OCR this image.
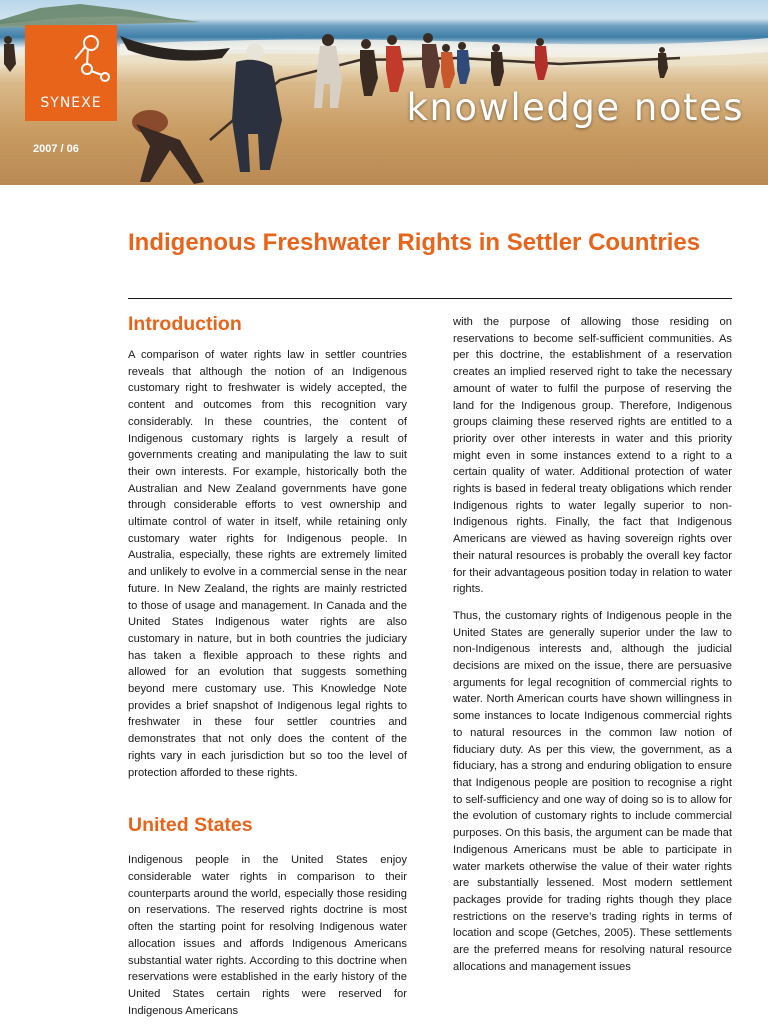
SYNEXE
2007 / 06
knowledge notes
Indigenous Freshwater Rights in Settler Countries
Introduction

A comparison of water rights law in settler countries reveals that although the notion of an Indigenous customary right to freshwater is widely accepted, the content and outcomes from this recognition vary considerably. In these countries, the content of Indigenous customary rights is largely a result of governments creating and manipulating the law to suit their own interests. For example, historically both the Australian and New Zealand governments have gone through considerable efforts to vest ownership and ultimate control of water in itself, while retaining only customary water rights for Indigenous people. In Australia, especially, these rights are extremely limited and unlikely to evolve in a commercial sense in the near future. In New Zealand, the rights are mainly restricted to those of usage and management. In Canada and the United States Indigenous water rights are also customary in nature, but in both countries the judiciary has taken a flexible approach to these rights and allowed for an evolution that suggests something beyond mere customary use. This Knowledge Note provides a brief snapshot of Indigenous legal rights to freshwater in these four settler countries and demonstrates that not only does the content of the rights vary in each jurisdiction but so too the level of protection afforded to these rights.

United States

Indigenous people in the United States enjoy considerable water rights in comparison to their counterparts around the world, especially those residing on reservations. The reserved rights doctrine is most often the starting point for resolving Indigenous water allocation issues and affords Indigenous Americans substantial water rights. According to this doctrine when reservations were established in the early history of the United States certain rights were reserved for Indigenous Americans

with the purpose of allowing those residing on reservations to become self-sufficient communities. As per this doctrine, the establishment of a reservation creates an implied reserved right to take the necessary amount of water to fulfil the purpose of reserving the land for the Indigenous group. Therefore, Indigenous groups claiming these reserved rights are entitled to a priority over other interests in water and this priority might even in some instances extend to a right to a certain quality of water. Additional protection of water rights is based in federal treaty obligations which render Indigenous rights to water legally superior to non-Indigenous rights. Finally, the fact that Indigenous Americans are viewed as having sovereign rights over their natural resources is probably the overall key factor for their advantageous position today in relation to water rights.

Thus, the customary rights of Indigenous people in the United States are generally superior under the law to non-Indigenous interests and, although the judicial decisions are mixed on the issue, there are persuasive arguments for legal recognition of commercial rights to water. North American courts have shown willingness in some instances to locate Indigenous commercial rights to natural resources in the common law notion of fiduciary duty. As per this view, the government, as a fiduciary, has a strong and enduring obligation to ensure that Indigenous people are position to recognise a right to self-sufficiency and one way of doing so is to allow for the evolution of customary rights to include commercial purposes. On this basis, the argument can be made that Indigenous Americans must be able to participate in water markets otherwise the value of their water rights are substantially lessened. Most modern settlement packages provide for trading rights though they place restrictions on the reserve’s trading rights in terms of location and scope (Getches, 2005). These settlements are the preferred means for resolving natural resource allocations and management issues
